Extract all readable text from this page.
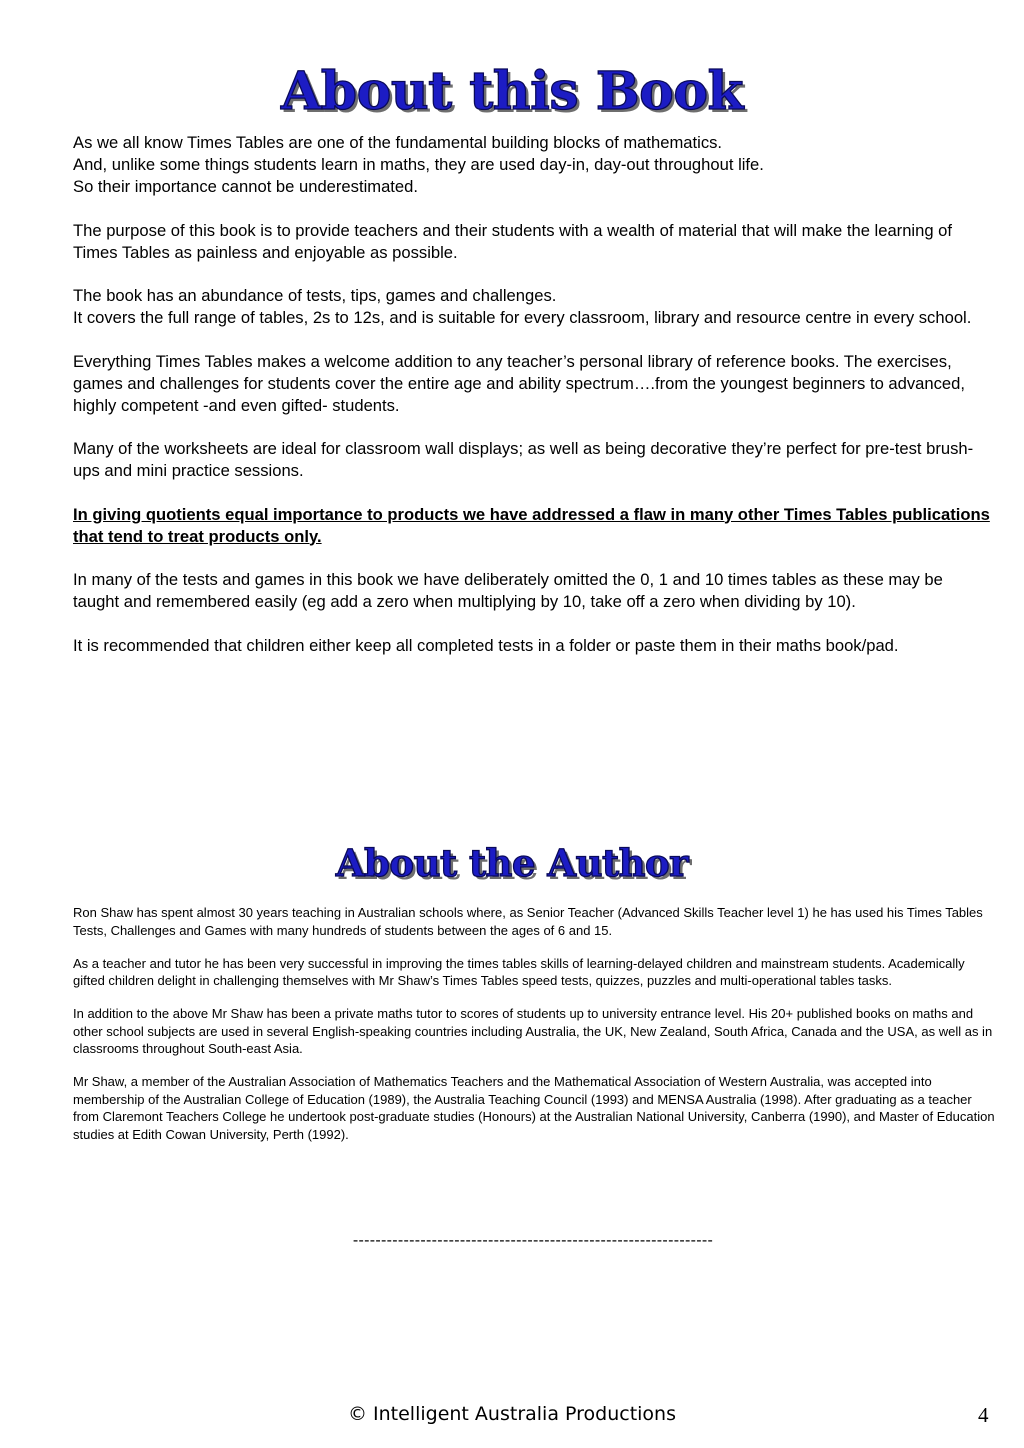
About this Book

As we all know Times Tables are one of the fundamental building blocks of mathematics.
And, unlike some things students learn in maths, they are used day-in, day-out throughout life.
So their importance cannot be underestimated.

The purpose of this book is to provide teachers and their students with a wealth of material that will make the learning of Times Tables as painless and enjoyable as possible.

The book has an abundance of tests, tips, games and challenges.
It covers the full range of tables, 2s to 12s, and is suitable for every classroom, library and resource centre in every school.

Everything Times Tables makes a welcome addition to any teacher’s personal library of reference books. The exercises, games and challenges for students cover the entire age and ability spectrum….from the youngest beginners to advanced, highly competent -and even gifted- students.

Many of the worksheets are ideal for classroom wall displays; as well as being decorative they’re perfect for pre-test brush-ups and mini practice sessions.

In giving quotients equal importance to products we have addressed a flaw in many other Times Tables publications that tend to treat products only.

In many of the tests and games in this book we have deliberately omitted the 0, 1 and 10 times tables as these may be taught and remembered easily (eg add a zero when multiplying by 10, take off a zero when dividing by 10).

It is recommended that children either keep all completed tests in a folder or paste them in their maths book/pad.

About the Author

Ron Shaw has spent almost 30 years teaching in Australian schools where, as Senior Teacher (Advanced Skills Teacher level 1) he has used his Times Tables Tests, Challenges and Games with many hundreds of students between the ages of 6 and 15.

As a teacher and tutor he has been very successful in improving the times tables skills of learning-delayed children and mainstream students. Academically gifted children delight in challenging themselves with Mr Shaw’s Times Tables speed tests, quizzes, puzzles and multi-operational tables tasks.

In addition to the above Mr Shaw has been a private maths tutor to scores of students up to university entrance level. His 20+ published books on maths and other school subjects are used in several English-speaking countries including Australia, the UK, New Zealand, South Africa, Canada and the USA, as well as in classrooms throughout South-east Asia.

Mr Shaw, a member of the Australian Association of Mathematics Teachers and the Mathematical Association of Western Australia, was accepted into membership of the Australian College of Education (1989), the Australia Teaching Council (1993) and MENSA Australia (1998). After graduating as a teacher from Claremont Teachers College he undertook post-graduate studies (Honours) at the Australian National University, Canberra (1990), and Master of Education studies at Edith Cowan University, Perth (1992).

----------------------------------------------------------------
© Intelligent Australia Productions	4
